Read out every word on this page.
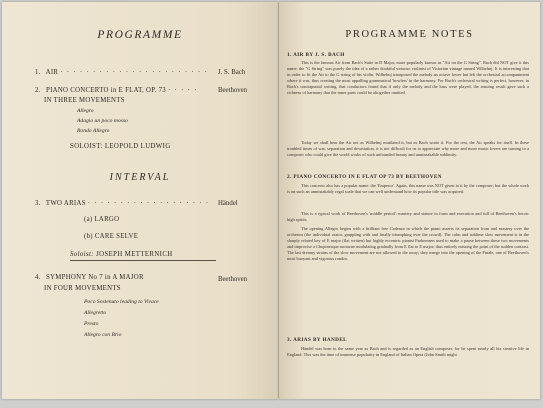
PROGRAMME
1. AIR · · · · · · · · · · · · · · · · · · · · · · · J. S. Bach
2. PIANO CONCERTO in E FLAT, OP. 73 · · · · ·	Beethoven
IN THREE MOVEMENTS
Allegro
Adagio un poco mosso
Rondo Allegro
SOLOIST: LEOPOLD LUDWIG
INTERVAL
3. TWO ARIAS · · · · · · · · · · · · · · · · · · · Händel
(a) LARGO
(b) CARE SELVE
Soloist: JOSEPH METTERNICH
4. SYMPHONY No 7 in A MAJOR	Beethoven
IN FOUR MOVEMENTS
Poco Sostenuto leading to Vivace
Allegretto
Presto
Allegro con Brio
PROGRAMME NOTES
1. AIR BY J. S. BACH
This is the famous Air from Bach's Suite in D Major, more popularly known as "Air on the G String". Bach did NOT give it this name; the "G String" was purely the idea of a rather doubtful virtuoso violinist of Victorian vintage named Wilhelmj. It is interesting that in order to fit the Air to the G string of his violin, Wilhelmj transposed the melody an octave lower but left the orchestral accompaniment where it was, thus creating the most appalling grammatical 'howlers' in the harmony. For Bach's orchestral writing is perfect, however, in Bach's contrapuntal writing, that conductors found that if only the melody and the bass were played, the ensuing result gave such a richness of harmony that the inner parts could be altogether omitted.
Today we shall hear the Air not as Wilhelmj mutilated it, but as Bach wrote it. For the rest, the Air speaks for itself. In these troubled times of war, separation and devastation, it is not difficult for us to appreciate why more and more music lovers are turning to a composer who could give the world works of such unfounded beauty and unmistakable sublimity.
2. PIANO CONCERTO IN E FLAT OP 73 BY BEETHOVEN
This concerto also has a popular name: the 'Emperor'. Again, this name was NOT given to it by the composer; but the whole work is on such an unmistakably regal scale that we can well understand how its popular title was acquired.
This is a typical work of Beethoven's 'middle period': mastery and stature in form and execution and full of Beethoven's heroic high spirits.
The opening Allegro begins with a brilliant free Cadenza in which the piano asserts its separation from and mastery over the orchestra (the individual orator, grappling with and finally triumphing over the crowd). The calm and sublime slow movement is in the sharply related key of E major (flat written) but highly eccentric pianist Parhomsen used to make a pause between these two movements and improvise a Chopinesque nocturne modulating gradually from E flat to E major; thus entirely missing the point of the sudden contrast. The last dreamy strains of the slow movement are not allowed to die away; they merge into the opening of the Finale, one of Beethoven's most buoyant and vigorous rondos.
3. ARIAS BY HANDEL
Händel was born in the same year as Bach and is regarded as an English composer, for he spent nearly all his creative life in England. This was the time of immense popularity in England of Italian Opera (John Smith might
